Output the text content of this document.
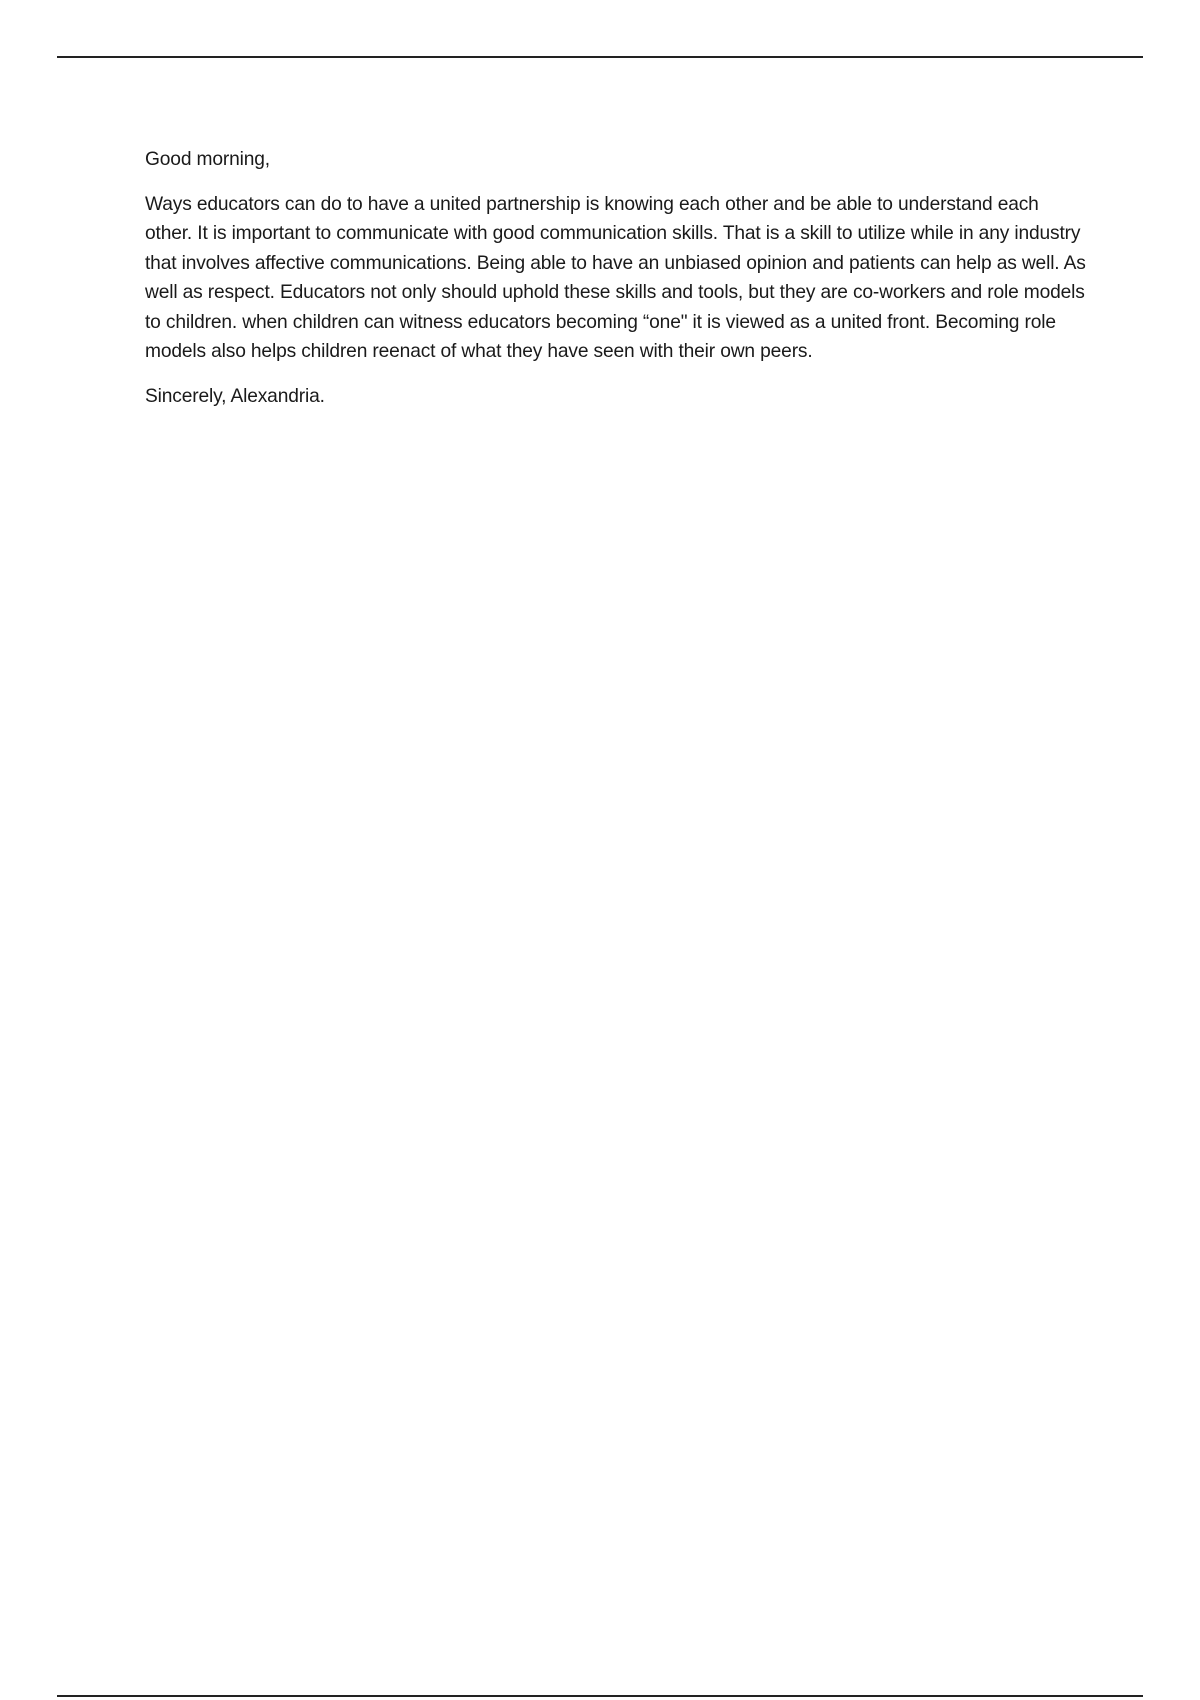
Good morning,

Ways educators can do to have a united partnership is knowing each other and be able to understand each other. It is important to communicate with good communication skills. That is a skill to utilize while in any industry that involves affective communications. Being able to have an unbiased opinion and patients can help as well. As well as respect. Educators not only should uphold these skills and tools, but they are co-workers and role models to children. when children can witness educators becoming “one" it is viewed as a united front. Becoming role models also helps children reenact of what they have seen with their own peers.

Sincerely, Alexandria.
